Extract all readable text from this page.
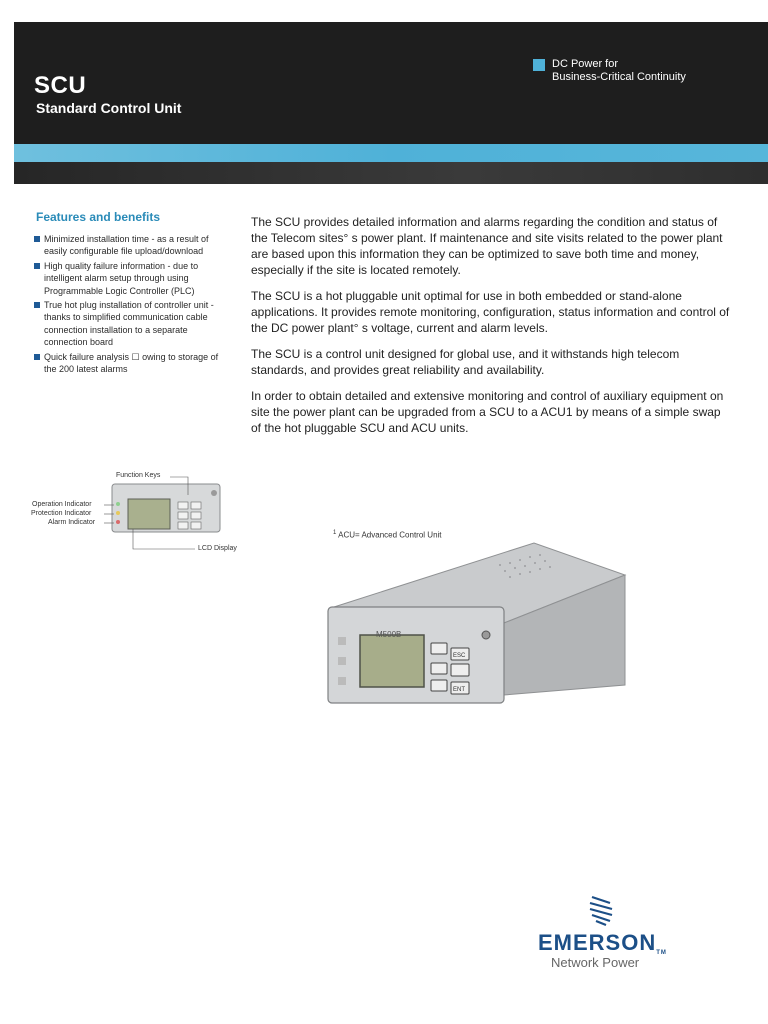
SCU
Standard Control Unit
DC Power for
Business-Critical Continuity
Features and benefits
Minimized installation time - as a result of easily configurable file upload/download
High quality failure information - due to intelligent alarm setup through using Programmable Logic Controller (PLC)
True hot plug installation of controller unit - thanks to simplified communication cable connection installation to a separate connection board
Quick failure analysis ☐ owing to storage of the 200 latest alarms

The SCU provides detailed information and alarms regarding the condition and status of the Telecom sites° s power plant. If maintenance and site visits related to the power plant are based upon this information they can be optimized to save both time and money, especially if the site is located remotely.

The SCU is a hot pluggable unit optimal for use in both embedded or stand-alone applications. It provides remote monitoring, configuration, status information and control of the DC power plant° s voltage, current and alarm levels.

The SCU is a control unit designed for global use, and it withstands high telecom standards, and provides great reliability and availability.

In order to obtain detailed and extensive monitoring and control of auxiliary equipment on site the power plant can be upgraded from a SCU to a ACU1 by means of a simple swap of the hot pluggable SCU and ACU units.

Function Keys
Operation Indicator
Protection Indicator
Alarm Indicator
LCD Display
$^1$ ACU= Advanced Control Unit
M500B
ESC
ENT
EMERSONTM
Network Power
